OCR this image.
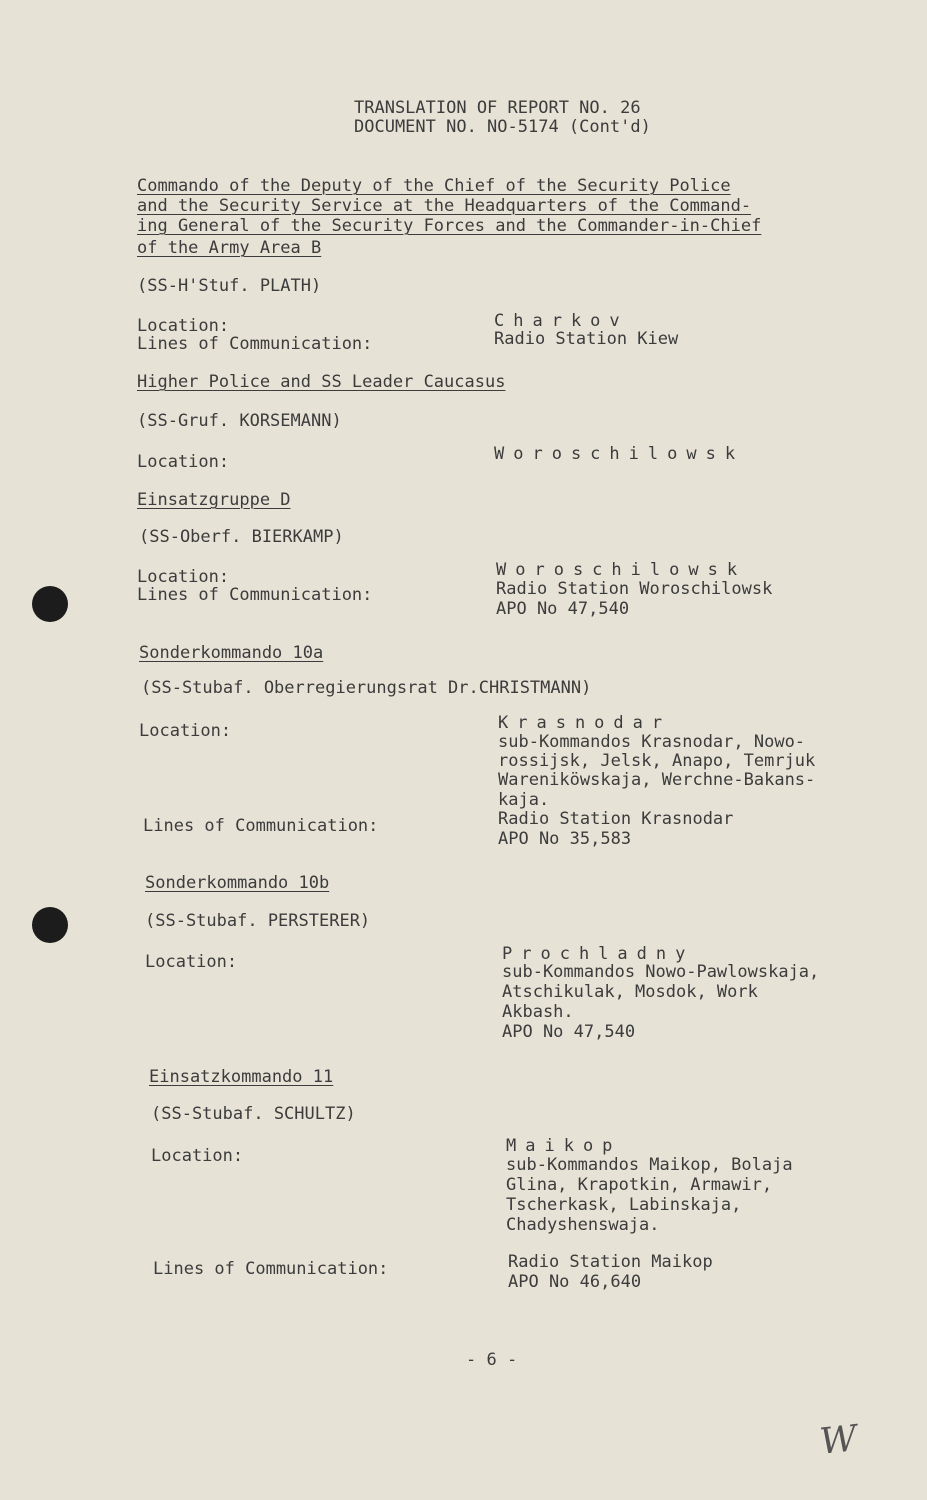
TRANSLATION OF REPORT NO. 26

DOCUMENT NO. NO-5174 (Cont'd)

Commando of the Deputy of the Chief of the Security Police

and the Security Service at the Headquarters of the Command-

ing General of the Security Forces and the Commander-in-Chief

of the Army Area B

(SS-H'Stuf. PLATH)

Location:	Charkov

Lines of Communication:	Radio Station Kiew

Higher Police and SS Leader Caucasus

(SS-Gruf. KORSEMANN)

Location:	Woroschilowsk

Einsatzgruppe D

(SS-Oberf. BIERKAMP)

Location:	Woroschilowsk

Lines of Communication:	Radio Station Woroschilowsk

APO No 47,540

Sonderkommando 10a

(SS-Stubaf. Oberregierungsrat Dr.CHRISTMANN)

Location:	Krasnodar

sub-Kommandos Krasnodar, Nowo-

rossijsk, Jelsk, Anapo, Temrjuk

Wareniköwskaja, Werchne-Bakans-

kaja.

Lines of Communication:	Radio Station Krasnodar

APO No 35,583

Sonderkommando 10b

(SS-Stubaf. PERSTERER)

Location:	Prochladny

sub-Kommandos Nowo-Pawlowskaja,

Atschikulak, Mosdok, Work

Akbash.

APO No 47,540

Einsatzkommando 11

(SS-Stubaf. SCHULTZ)

Location:	Maikop

sub-Kommandos Maikop, Bolaja

Glina, Krapotkin, Armawir,

Tscherkask, Labinskaja,

Chadyshenswaja.

Lines of Communication:	Radio Station Maikop

APO No 46,640

- 6 -

W
